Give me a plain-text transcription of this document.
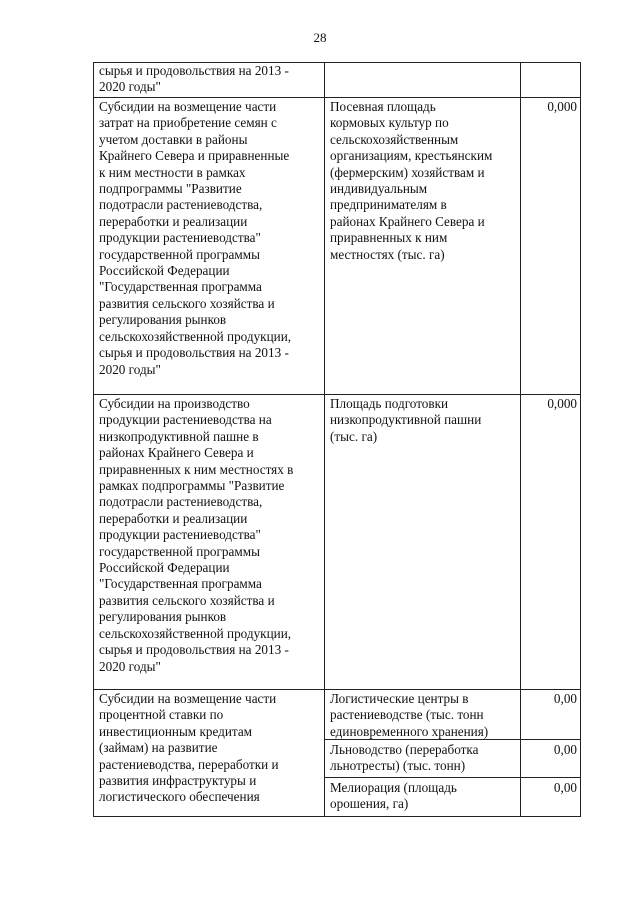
28
сырья и продовольствия на 2013 -
2020 годы"
Субсидии на возмещение части
затрат на приобретение семян с
учетом доставки в районы
Крайнего Севера и приравненные
к ним местности в рамках
подпрограммы "Развитие
подотрасли растениеводства,
переработки и реализации
продукции растениеводства"
государственной программы
Российской Федерации
"Государственная программа
развития сельского хозяйства и
регулирования рынков
сельскохозяйственной продукции,
сырья и продовольствия на 2013 -
2020 годы"
Посевная площадь
кормовых культур по
сельскохозяйственным
организациям, крестьянским
(фермерским) хозяйствам и
индивидуальным
предпринимателям в
районах Крайнего Севера и
приравненных к ним
местностях (тыс. га)
0,000
Субсидии на производство
продукции растениеводства на
низкопродуктивной пашне в
районах Крайнего Севера и
приравненных к ним местностях в
рамках подпрограммы "Развитие
подотрасли растениеводства,
переработки и реализации
продукции растениеводства"
государственной программы
Российской Федерации
"Государственная программа
развития сельского хозяйства и
регулирования рынков
сельскохозяйственной продукции,
сырья и продовольствия на 2013 -
2020 годы"
Площадь подготовки
низкопродуктивной пашни
(тыс. га)
0,000
Субсидии на возмещение части
процентной ставки по
инвестиционным кредитам
(займам) на развитие
растениеводства, переработки и
развития инфраструктуры и
логистического обеспечения
Логистические центры в
растениеводстве (тыс. тонн
единовременного хранения)
0,00
Льноводство (переработка
льнотресты) (тыс. тонн)
0,00
Мелиорация (площадь
орошения, га)
0,00
